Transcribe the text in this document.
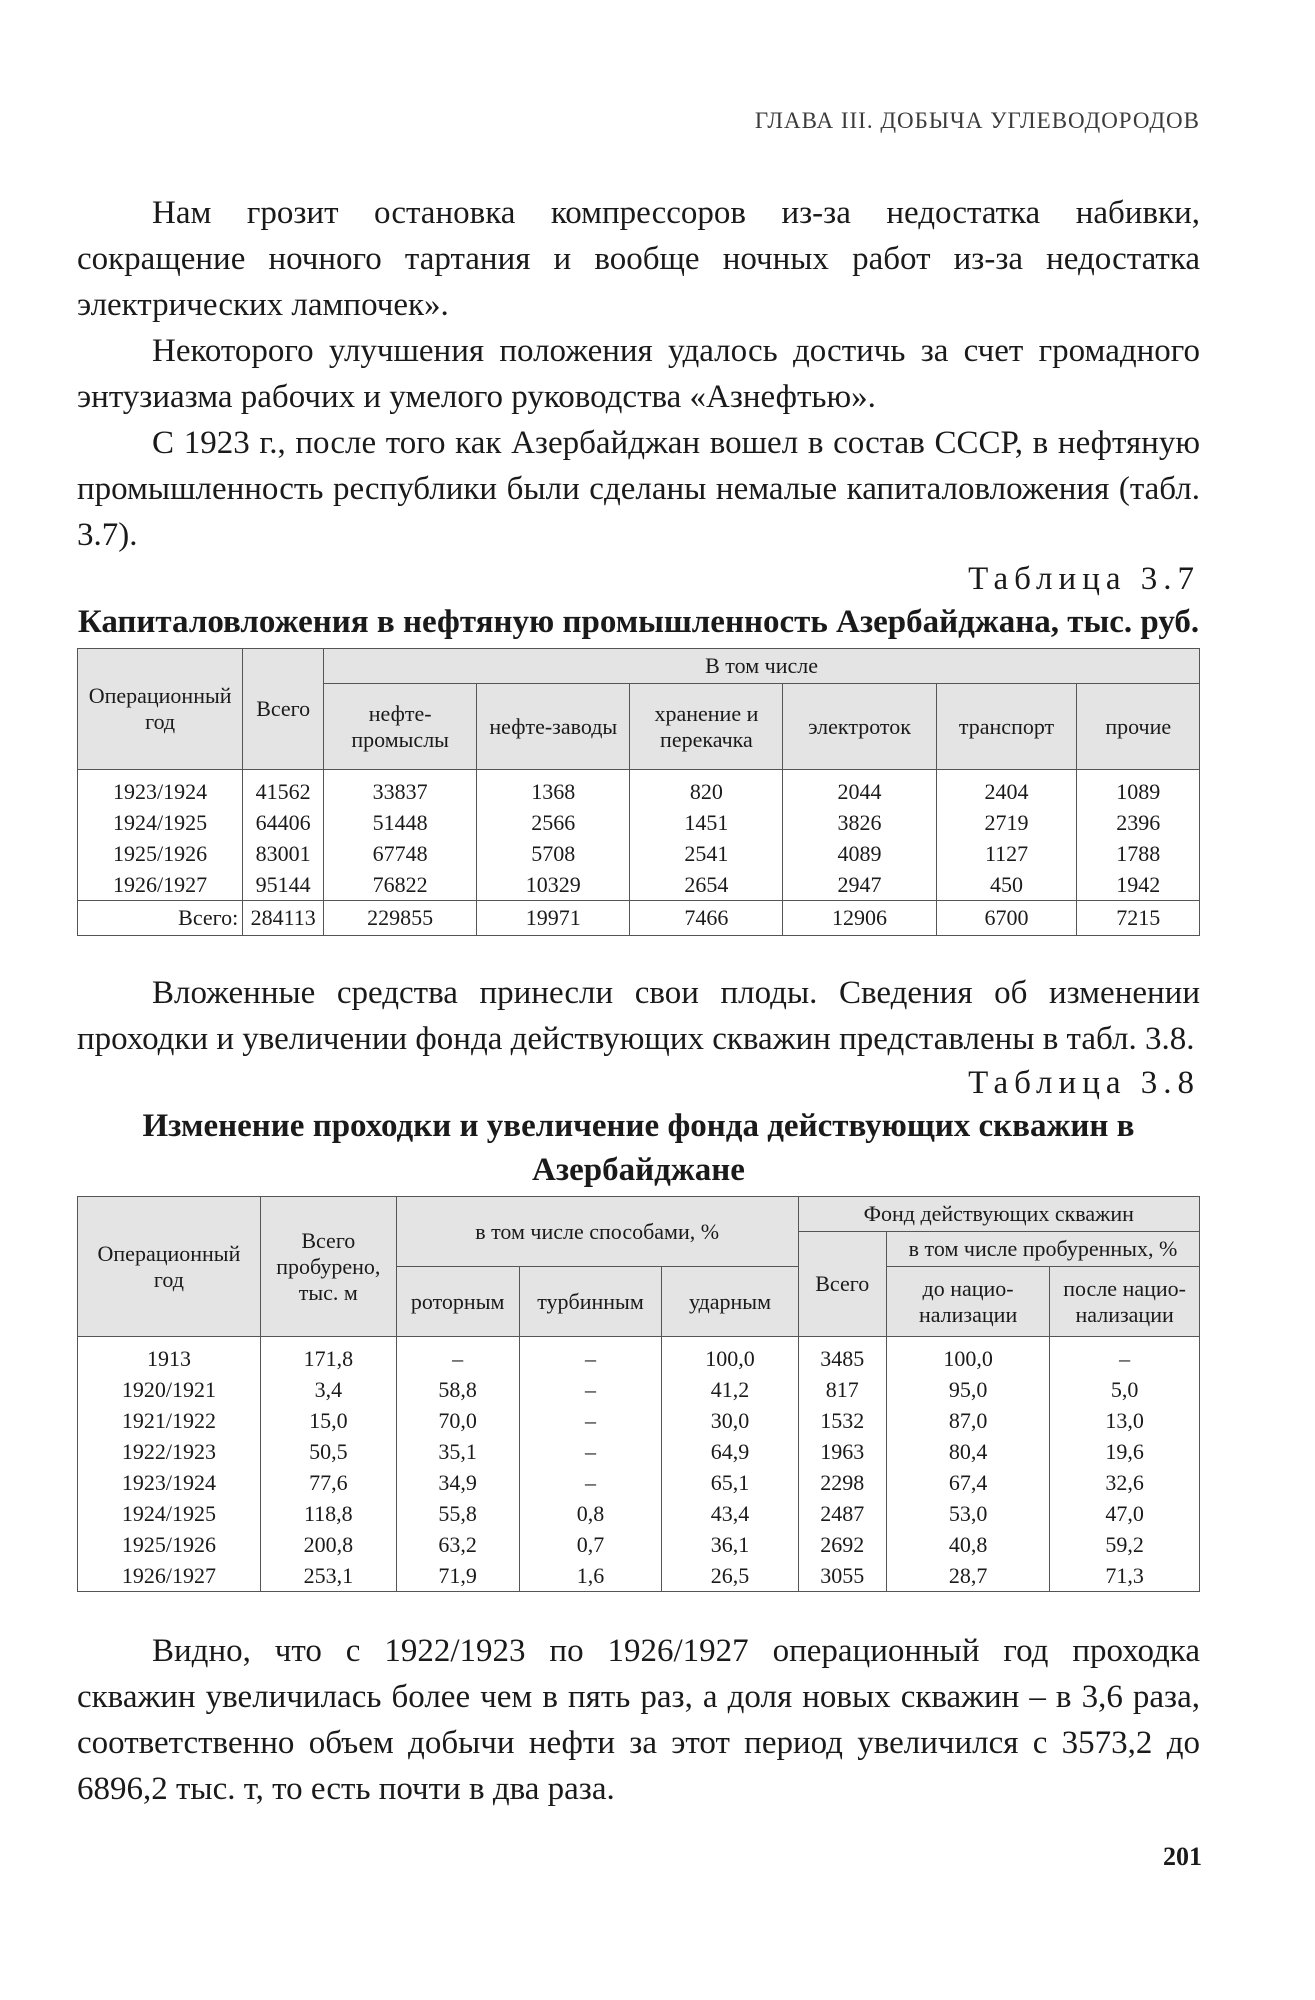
ГЛАВА III. ДОБЫЧА УГЛЕВОДОРОДОВ

Нам грозит остановка компрессоров из-за недостатка набивки, сокращение ночного тартания и вообще ночных работ из-за недостатка электрических лампочек».

Некоторого улучшения положения удалось достичь за счет громадного энтузиазма рабочих и умелого руководства «Азнефтью».

С 1923 г., после того как Азербайджан вошел в состав СССР, в нефтяную промышленность республики были сделаны немалые капиталовложения (табл. 3.7).

Таблица 3.7
Капиталовложения в нефтяную промышленность Азербайджана, тыс. руб.
Операционный год	Всего	В том числе					
		нефте-промыслы	нефте-заводы	хранение и перекачка	электроток	транспорт	прочие
1923/1924	41562	33837	1368	820	2044	2404	1089
1924/1925	64406	51448	2566	1451	3826	2719	2396
1925/1926	83001	67748	5708	2541	4089	1127	1788
1926/1927	95144	76822	10329	2654	2947	450	1942
Всего:	284113	229855	19971	7466	12906	6700	7215

Вложенные средства принесли свои плоды. Сведения об изменении проходки и увеличении фонда действующих скважин представлены в табл. 3.8.

Таблица 3.8
Изменение проходки и увеличение фонда действующих скважин в Азербайджане
Операционный год	Всего пробурено, тыс. м	в том числе способами, %			Фонд действующих скважин		
					Всего	в том числе пробуренных, %	
		роторным	турбинным	ударным		до нацио-нализации	после нацио-нализации
1913	171,8	–	–	100,0	3485	100,0	–
1920/1921	3,4	58,8	–	41,2	817	95,0	5,0
1921/1922	15,0	70,0	–	30,0	1532	87,0	13,0
1922/1923	50,5	35,1	–	64,9	1963	80,4	19,6
1923/1924	77,6	34,9	–	65,1	2298	67,4	32,6
1924/1925	118,8	55,8	0,8	43,4	2487	53,0	47,0
1925/1926	200,8	63,2	0,7	36,1	2692	40,8	59,2
1926/1927	253,1	71,9	1,6	26,5	3055	28,7	71,3

Видно, что с 1922/1923 по 1926/1927 операционный год проходка скважин увеличилась более чем в пять раз, а доля новых скважин – в 3,6 раза, соответственно объем добычи нефти за этот период увеличился с 3573,2 до 6896,2 тыс. т, то есть почти в два раза.

201
